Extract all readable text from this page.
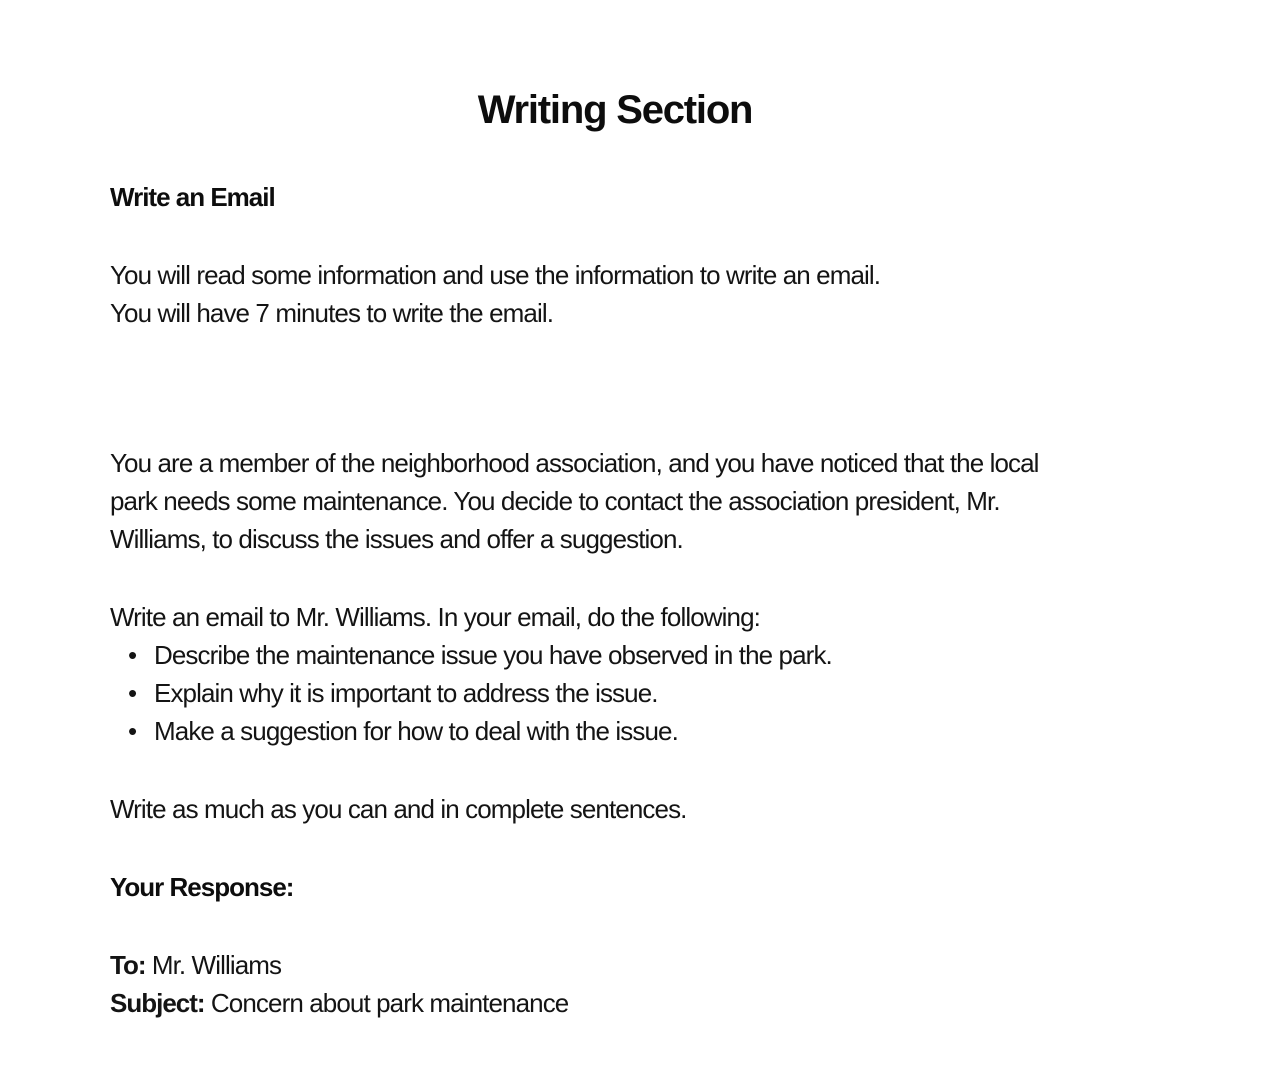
Writing Section

Write an Email

You will read some information and use the information to write an email.

You will have 7 minutes to write the email.

You are a member of the neighborhood association, and you have noticed that the local

park needs some maintenance. You decide to contact the association president, Mr.

Williams, to discuss the issues and offer a suggestion.

Write an email to Mr. Williams. In your email, do the following:

• Describe the maintenance issue you have observed in the park.
• Explain why it is important to address the issue.
• Make a suggestion for how to deal with the issue.

Write as much as you can and in complete sentences.

Your Response:

To: Mr. Williams

Subject: Concern about park maintenance
